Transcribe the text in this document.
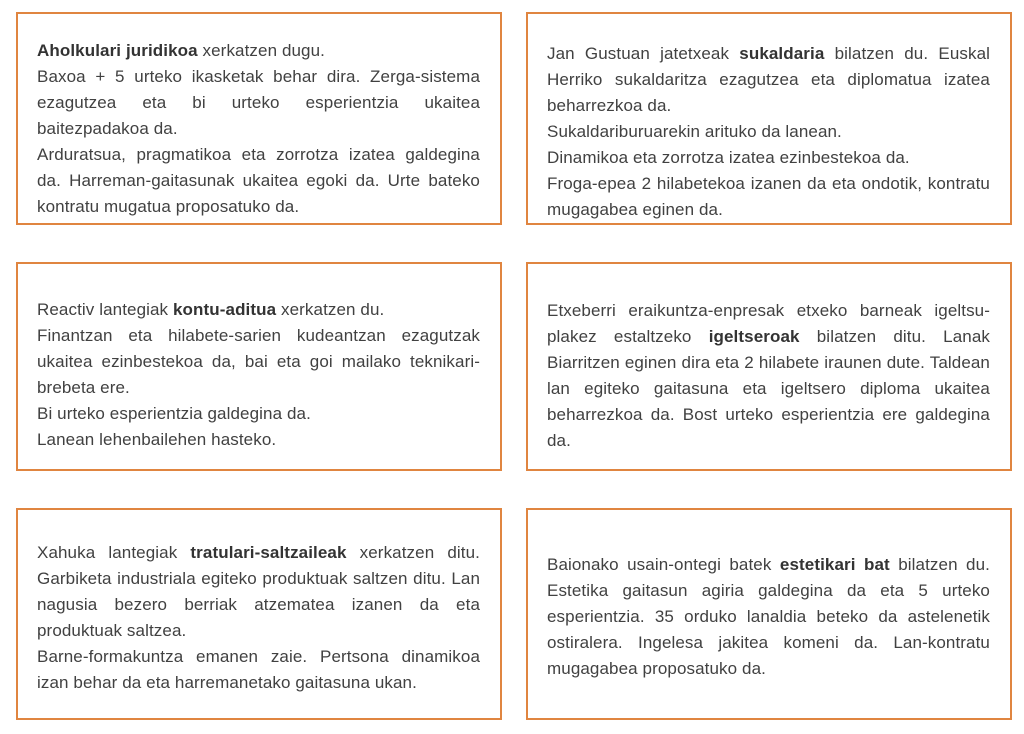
Aholkulari juridikoa xerkatzen dugu.

Baxoa + 5 urteko ikasketak behar dira. Zerga-sistema ezagutzea eta bi urteko esperientzia ukaitea baitezpadakoa da.

Arduratsua, pragmatikoa eta zorrotza izatea galdegina da. Harreman-gaitasunak ukaitea egoki da. Urte bateko kontratu mugatua proposatuko da.

Jan Gustuan jatetxeak sukaldaria bilatzen du. Euskal Herriko sukaldaritza ezagutzea eta diplomatua izatea beharrezkoa da.

Sukaldariburuarekin arituko da lanean.

Dinamikoa eta zorrotza izatea ezinbestekoa da.

Froga-epea 2 hilabetekoa izanen da eta ondotik, kontratu mugagabea eginen da.

Reactiv lantegiak kontu-aditua xerkatzen du.

Finantzan eta hilabete-sarien kudeantzan ezagutzak ukaitea ezinbestekoa da, bai eta goi mailako teknikari-brebeta ere.

Bi urteko esperientzia galdegina da.

Lanean lehenbailehen hasteko.

Etxeberri eraikuntza-enpresak etxeko barneak igeltsu-plakez estaltzeko igeltseroak bilatzen ditu. Lanak Biarritzen eginen dira eta 2 hilabete iraunen dute. Taldean lan egiteko gaitasuna eta igeltsero diploma ukaitea beharrezkoa da. Bost urteko esperientzia ere galdegina da.

Xahuka lantegiak tratulari-saltzaileak xerkatzen ditu. Garbiketa industriala egiteko produktuak saltzen ditu. Lan nagusia bezero berriak atzematea izanen da eta produktuak saltzea.

Barne-formakuntza emanen zaie. Pertsona dinamikoa izan behar da eta harremanetako gaitasuna ukan.

Baionako usain-ontegi batek estetikari bat bilatzen du. Estetika gaitasun agiria galdegina da eta 5 urteko esperientzia. 35 orduko lanaldia beteko da astelenetik ostiralera. Ingelesa jakitea komeni da. Lan-kontratu mugagabea proposatuko da.
